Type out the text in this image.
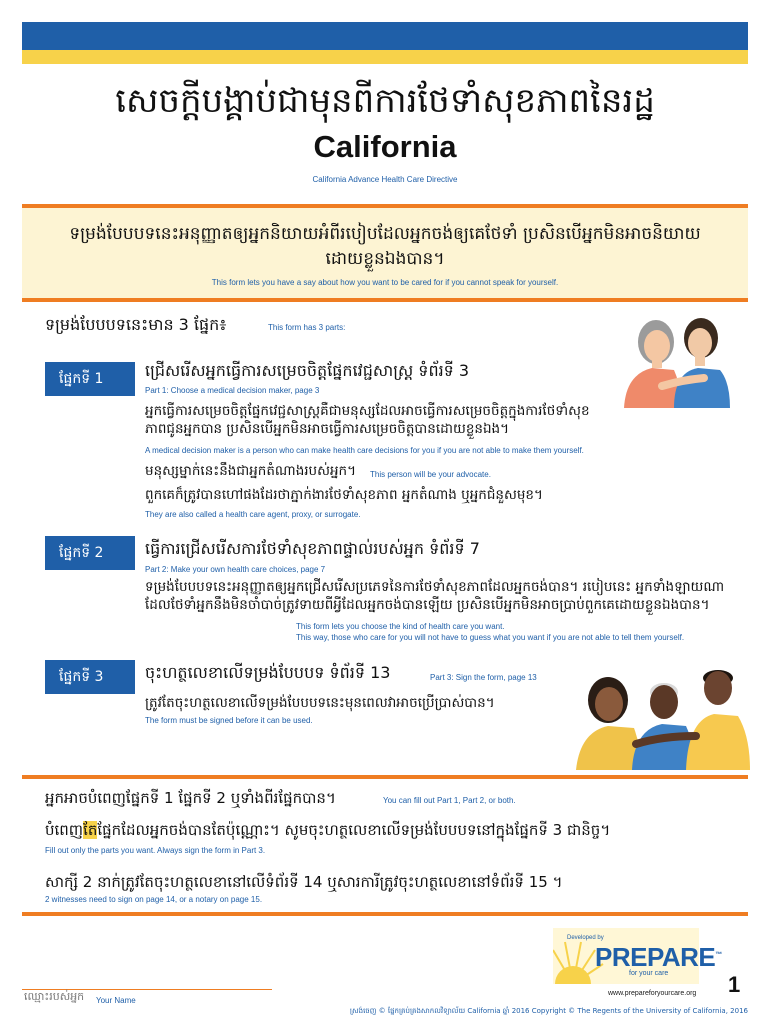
សេចក្ដីបង្គាប់ជាមុនពីការថែទាំសុខភាពនៃរដ្ឋ
California
California Advance Health Care Directive
ទម្រង់បែបបទនេះអនុញ្ញាតឲ្យអ្នកនិយាយអំពីរបៀបដែលអ្នកចង់ឲ្យគេថែទាំ ប្រសិនបើអ្នកមិនអាចនិយាយដោយខ្លួនឯងបាន។
This form lets you have a say about how you want to be cared for if you cannot speak for yourself.
ទម្រង់បែបបទនេះមាន 3 ផ្នែក៖	This form has 3 parts:
ផ្នែកទី 1	ជ្រើសរើសអ្នកធ្វើការសម្រេចចិត្តផ្នែកវេជ្ជសាស្ត្រ ទំព័រទី 3
Part 1: Choose a medical decision maker, page 3
អ្នកធ្វើការសម្រេចចិត្តផ្នែកវេជ្ជសាស្ត្រគឺជាមនុស្សដែលអាចធ្វើការសម្រេចចិត្តក្នុងការថែទាំសុខភាពជូនអ្នកបាន ប្រសិនបើអ្នកមិនអាចធ្វើការសម្រេចចិត្តបានដោយខ្លួនឯង។
A medical decision maker is a person who can make health care decisions for you if you are not able to make them yourself.
មនុស្សម្នាក់នេះនឹងជាអ្នកតំណាងរបស់អ្នក។ This person will be your advocate.
ពួកគេក៏ត្រូវបានហៅផងដែរថាភ្នាក់ងារថែទាំសុខភាព អ្នកតំណាង ឬអ្នកជំនួសមុខ។
They are also called a health care agent, proxy, or surrogate.
ផ្នែកទី 2	ធ្វើការជ្រើសរើសការថែទាំសុខភាពផ្ទាល់របស់អ្នក ទំព័រទី 7
Part 2: Make your own health care choices, page 7
ទម្រង់បែបបទនេះអនុញ្ញាតឲ្យអ្នកជ្រើសរើសប្រភេទនៃការថែទាំសុខភាពដែលអ្នកចង់បាន។ របៀបនេះ អ្នកទាំងឡាយណាដែលថែទាំអ្នកនឹងមិនចាំបាច់ត្រូវទាយពីអ្វីដែលអ្នកចង់បានឡើយ ប្រសិនបើអ្នកមិនអាចប្រាប់ពួកគេដោយខ្លួនឯងបាន។
This form lets you choose the kind of health care you want.
This way, those who care for you will not have to guess what you want if you are not able to tell them yourself.
ផ្នែកទី 3	ចុះហត្ថលេខាលើទម្រង់បែបបទ ទំព័រទី 13	Part 3: Sign the form, page 13
ត្រូវតែចុះហត្ថលេខាលើទម្រង់បែបបទនេះមុនពេលវាអាចប្រើប្រាស់បាន។
The form must be signed before it can be used.
អ្នកអាចបំពេញផ្នែកទី 1 ផ្នែកទី 2 ឬទាំងពីរផ្នែកបាន។	You can fill out Part 1, Part 2, or both.
បំពេញតែផ្នែកដែលអ្នកចង់បានតែប៉ុណ្ណោះ។ សូមចុះហត្ថលេខាលើទម្រង់បែបបទនៅក្នុងផ្នែកទី 3 ជានិច្ច។
Fill out only the parts you want. Always sign the form in Part 3.
សាក្សី 2 នាក់ត្រូវតែចុះហត្ថលេខានៅលើទំព័រទី 14 ឬសារការីត្រូវចុះហត្ថលេខានៅទំព័រទី 15 ។
2 witnesses need to sign on page 14, or a notary on page 15.
Developed by
PREPARE™
for your care
www.prepareforyourcare.org 1
ឈ្មោះរបស់អ្នក Your Name
ស្រង់ចេញ © ផ្នែកគ្រប់គ្រងសាកលវិទ្យាល័យ California ឆ្នាំ 2016 Copyright © The Regents of the University of California, 2016
